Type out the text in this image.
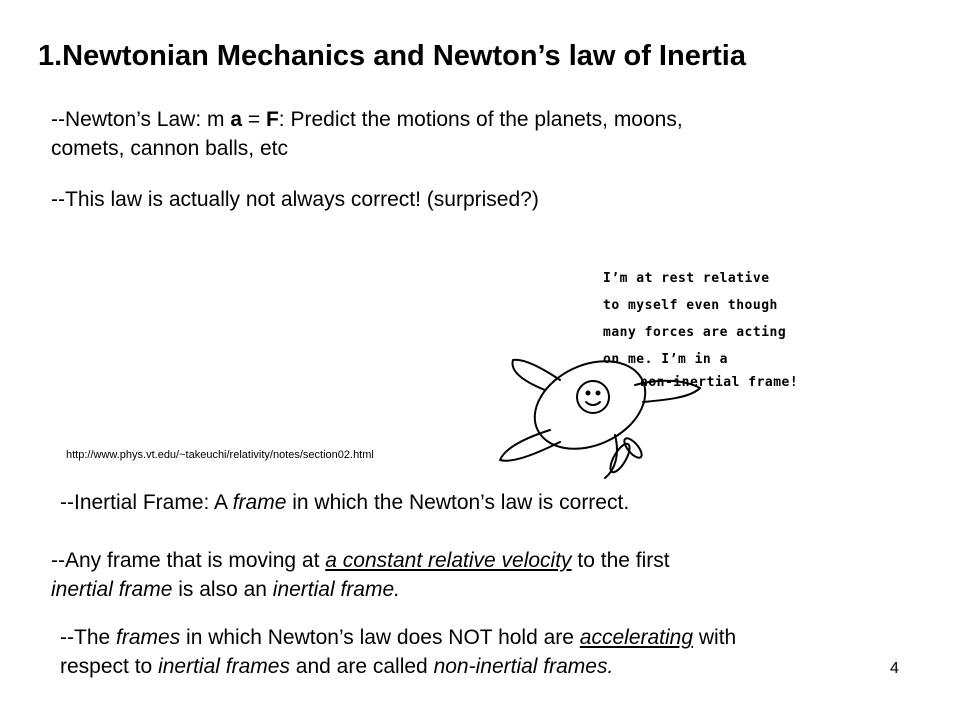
1.Newtonian Mechanics and Newton’s law of Inertia
--Newton’s Law: m a = F: Predict the motions of the planets, moons,
comets, cannon balls, etc
--This law is actually not always correct! (surprised?)
I’m at rest relative
to myself even though
many forces are acting
on me. I’m in a
non-inertial frame!
http://www.phys.vt.edu/~takeuchi/relativity/notes/section02.html
--Inertial Frame: A frame in which the Newton’s law is correct.
--Any frame that is moving at a constant relative velocity to the first
inertial frame is also an inertial frame.
--The frames in which Newton’s law does NOT hold are accelerating with
respect to inertial frames and are called non-inertial frames.	4
